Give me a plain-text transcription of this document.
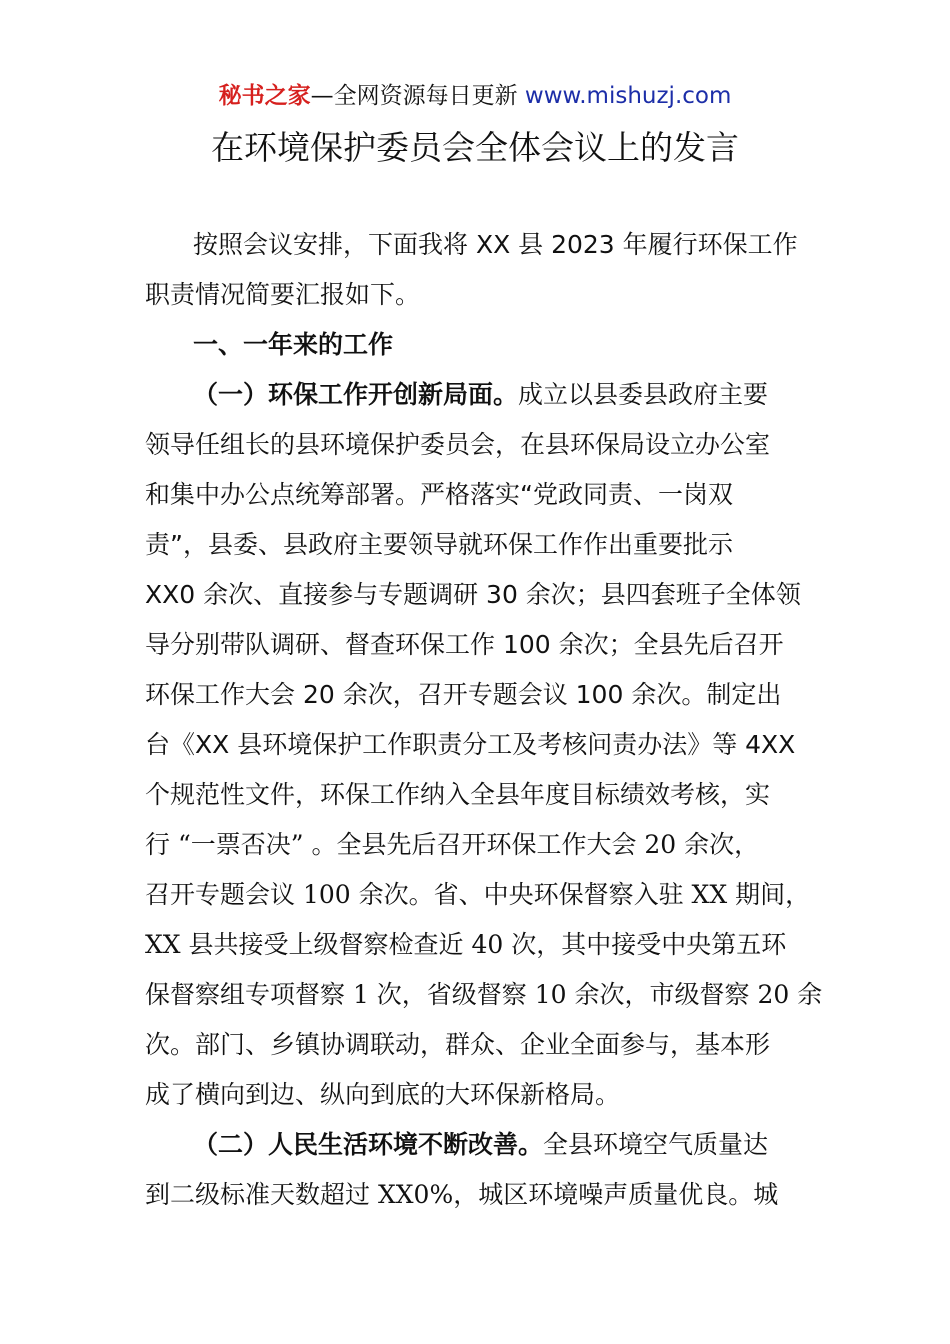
秘书之家—全网资源每日更新 www.mishuzj.com
在环境保护委员会全体会议上的发言
按照会议安排，下面我将 XX 县 2023 年履行环保工作
职责情况简要汇报如下。
一、一年来的工作
（一）环保工作开创新局面。成立以县委县政府主要
领导任组长的县环境保护委员会，在县环保局设立办公室
和集中办公点统筹部署。严格落实“党政同责、一岗双
责”，县委、县政府主要领导就环保工作作出重要批示
XX0 余次、直接参与专题调研 30 余次；县四套班子全体领
导分别带队调研、督查环保工作 100 余次；全县先后召开
环保工作大会 20 余次，召开专题会议 100 余次。制定出
台《XX 县环境保护工作职责分工及考核问责办法》等 4XX
个规范性文件，环保工作纳入全县年度目标绩效考核，实
行 “一票否决” 。全县先后召开环保工作大会 20 余次，
召开专题会议 100 余次。省、中央环保督察入驻 XX 期间，
XX 县共接受上级督察检查近 40 次，其中接受中央第五环
保督察组专项督察 1 次，省级督察 10 余次，市级督察 20 余
次。部门、乡镇协调联动，群众、企业全面参与，基本形
成了横向到边、纵向到底的大环保新格局。
（二）人民生活环境不断改善。全县环境空气质量达
到二级标准天数超过 XX0%，城区环境噪声质量优良。城
